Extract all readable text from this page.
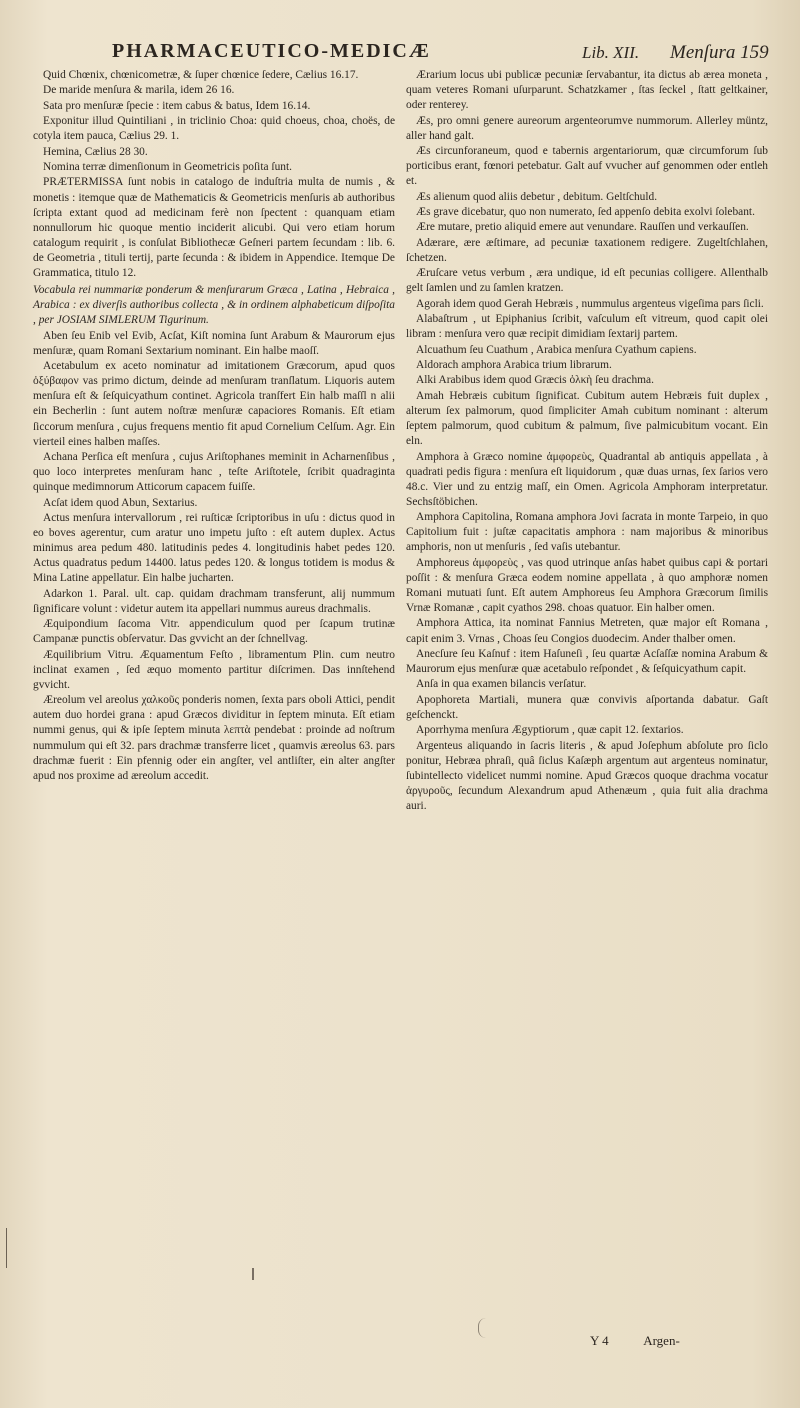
PHARMACEUTICO-MEDICÆ	Lib. XII. Menſura 159

Quid Chœnix, chœnicometræ, & ſuper chœnice ſedere, Cælius 16.17.

De maride menſura & marila, idem 26 16.

Sata pro menſuræ ſpecie : item cabus & batus, Idem 16.14.

Exponitur illud Quintiliani , in triclinio Choa: quid choeus, choa, choës, de cotyla item pauca, Cælius 29. 1.

Hemina, Cælius 28 30.

Nomina terræ dimenſionum in Geometricis poſita ſunt.

PRÆTERMISSA ſunt nobis in catalogo de induſtria multa de numis , & monetis : itemque quæ de Mathematicis & Geometricis menſuris ab authoribus ſcripta extant quod ad medicinam ferè non ſpectent : quanquam etiam nonnullorum hic quoque mentio inciderit alicubi. Qui vero etiam horum catalogum requirit , is conſulat Bibliothecæ Geſneri partem ſecundam : lib. 6. de Geometria , tituli tertij, parte ſecunda : & ibidem in Appendice. Itemque De Grammatica, titulo 12.

Vocabula rei nummariæ ponderum & menſurarum Græca , Latina , Hebraica , Arabica : ex diverſis authoribus collecta , & in ordinem alphabeticum diſpoſita , per JOSIAM SIMLERUM Tigurinum.

Aben ſeu Enib vel Evib, Acſat, Kiſt nomina ſunt Arabum & Maurorum ejus menſuræ, quam Romani Sextarium nominant. Ein halbe maoſſ.

Acetabulum ex aceto nominatur ad imitationem Græcorum, apud quos ὀξύβαφον vas primo dictum, deinde ad menſuram tranſlatum. Liquoris autem menſura eſt & ſeſquicyathum continet. Agricola tranſfert Ein halb maſſl n alii ein Becherlin : ſunt autem noſtræ menſuræ capaciores Romanis. Eſt etiam ſiccorum menſura , cujus frequens mentio fit apud Cornelium Celſum. Agr. Ein vierteil eines halben maſſes.

Achana Perſica eſt menſura , cujus Ariſtophanes meminit in Acharnenſibus , quo loco interpretes menſuram hanc , teſte Ariſtotele, ſcribit quadraginta quinque medimnorum Atticorum capacem fuiſſe.

Acſat idem quod Abun, Sextarius.

Actus menſura intervallorum , rei ruſticæ ſcriptoribus in uſu : dictus quod in eo boves agerentur, cum aratur uno impetu juſto : eſt autem duplex. Actus minimus area pedum 480. latitudinis pedes 4. longitudinis habet pedes 120. Actus quadratus pedum 14400. latus pedes 120. & longus totidem is modus & Mina Latine appellatur. Ein halbe jucharten.

Adarkon 1. Paral. ult. cap. quidam drachmam transferunt, alij nummum ſignificare volunt : videtur autem ita appellari nummus aureus drachmalis.

Æquipondium ſacoma Vitr. appendiculum quod per ſcapum trutinæ Campanæ punctis obſervatur. Das gvvicht an der ſchnellvag.

Æquilibrium Vitru. Æquamentum Feſto , libramentum Plin. cum neutro inclinat examen , ſed æquo momento partitur diſcrimen. Das innſtehend gvvicht.

Æreolum vel areolus χαλκοῦς ponderis nomen, ſexta pars oboli Attici, pendit autem duo hordei grana : apud Græcos dividitur in ſeptem minuta. Eſt etiam nummi genus, qui & ipſe ſeptem minuta λεπτὰ pendebat : proinde ad noſtrum nummulum qui eſt 32. pars drachmæ transferre licet , quamvis æreolus 63. pars drachmæ fuerit : Ein pfennig oder ein angſter, vel antliſter, ein alter angſter apud nos proxime ad æreolum accedit.

Ærarium locus ubi publicæ pecuniæ ſervabantur, ita dictus ab ærea moneta , quam veteres Romani uſurparunt. Schatzkamer , ſtas ſeckel , ſtatt geltkainer, oder renterey.

Æs, pro omni genere aureorum argenteorumve nummorum. Allerley müntz, aller hand galt.

Æs circunforaneum, quod e tabernis argentariorum, quæ circumforum ſub porticibus erant, fœnori petebatur. Galt auf vvucher auf genommen oder entleh et.

Æs alienum quod aliis debetur , debitum. Geltſchuld.

Æs grave dicebatur, quo non numerato, ſed appenſo debita exolvi ſolebant.

Ære mutare, pretio aliquid emere aut venundare. Rauſſen und verkauſſen.

Adærare, ære æſtimare, ad pecuniæ taxationem redigere. Zugeltſchlahen, ſchetzen.

Æruſcare vetus verbum , æra undique, id eſt pecunias colligere. Allenthalb gelt ſamlen und zu ſamlen kratzen.

Agorah idem quod Gerah Hebræis , nummulus argenteus vigeſima pars ſicli.

Alabaſtrum , ut Epiphanius ſcribit, vaſculum eſt vitreum, quod capit olei libram : menſura vero quæ recipit dimidiam ſextarij partem.

Alcuathum ſeu Cuathum , Arabica menſura Cyathum capiens.

Aldorach amphora Arabica trium librarum.

Alki Arabibus idem quod Græcis ὁλκὴ ſeu drachma.

Amah Hebræis cubitum ſignificat. Cubitum autem Hebræis fuit duplex , alterum ſex palmorum, quod ſimpliciter Amah cubitum nominant : alterum ſeptem palmorum, quod cubitum & palmum, ſive palmicubitum vocant. Ein eln.

Amphora à Græco nomine ἀμφορεὺς, Quadrantal ab antiquis appellata , à quadrati pedis figura : menſura eſt liquidorum , quæ duas urnas, ſex ſarios vero 48.c. Vier und zu entzig maſſ, ein Omen. Agricola Amphoram interpretatur. Sechsſtöbichen.

Amphora Capitolina, Romana amphora Jovi ſacrata in monte Tarpeio, in quo Capitolium fuit : juſtæ capacitatis amphora : nam majoribus & minoribus amphoris, non ut menſuris , ſed vaſis utebantur.

Amphoreus ἀμφορεὺς , vas quod utrinque anſas habet quibus capi & portari poſſit : & menſura Græca eodem nomine appellata , à quo amphoræ nomen Romani mutuati ſunt. Eſt autem Amphoreus ſeu Amphora Græcorum ſimilis Vrnæ Romanæ , capit cyathos 298. choas quatuor. Ein halber omen.

Amphora Attica, ita nominat Fannius Metreten, quæ major eſt Romana , capit enim 3. Vrnas , Choas ſeu Congios duodecim. Ander thalber omen.

Anecſure ſeu Kaſnuf : item Haſuneſi , ſeu quartæ Acſaſſæ nomina Arabum & Maurorum ejus menſuræ quæ acetabulo reſpondet , & ſeſquicyathum capit.

Anſa in qua examen bilancis verſatur.

Apophoreta Martiali, munera quæ convivis aſportanda dabatur. Gaſt geſchenckt.

Aporrhyma menſura Ægyptiorum , quæ capit 12. ſextarios.

Argenteus aliquando in ſacris literis , & apud Joſephum abſolute pro ſiclo ponitur, Hebræa phraſi, quâ ſiclus Kaſæph argentum aut argenteus nominatur, ſubintellecto videlicet nummi nomine. Apud Græcos quoque drachma vocatur ἀργυροῦς, ſecundum Alexandrum apud Athenæum , quia fuit alia drachma auri.

Y 4	Argen-
